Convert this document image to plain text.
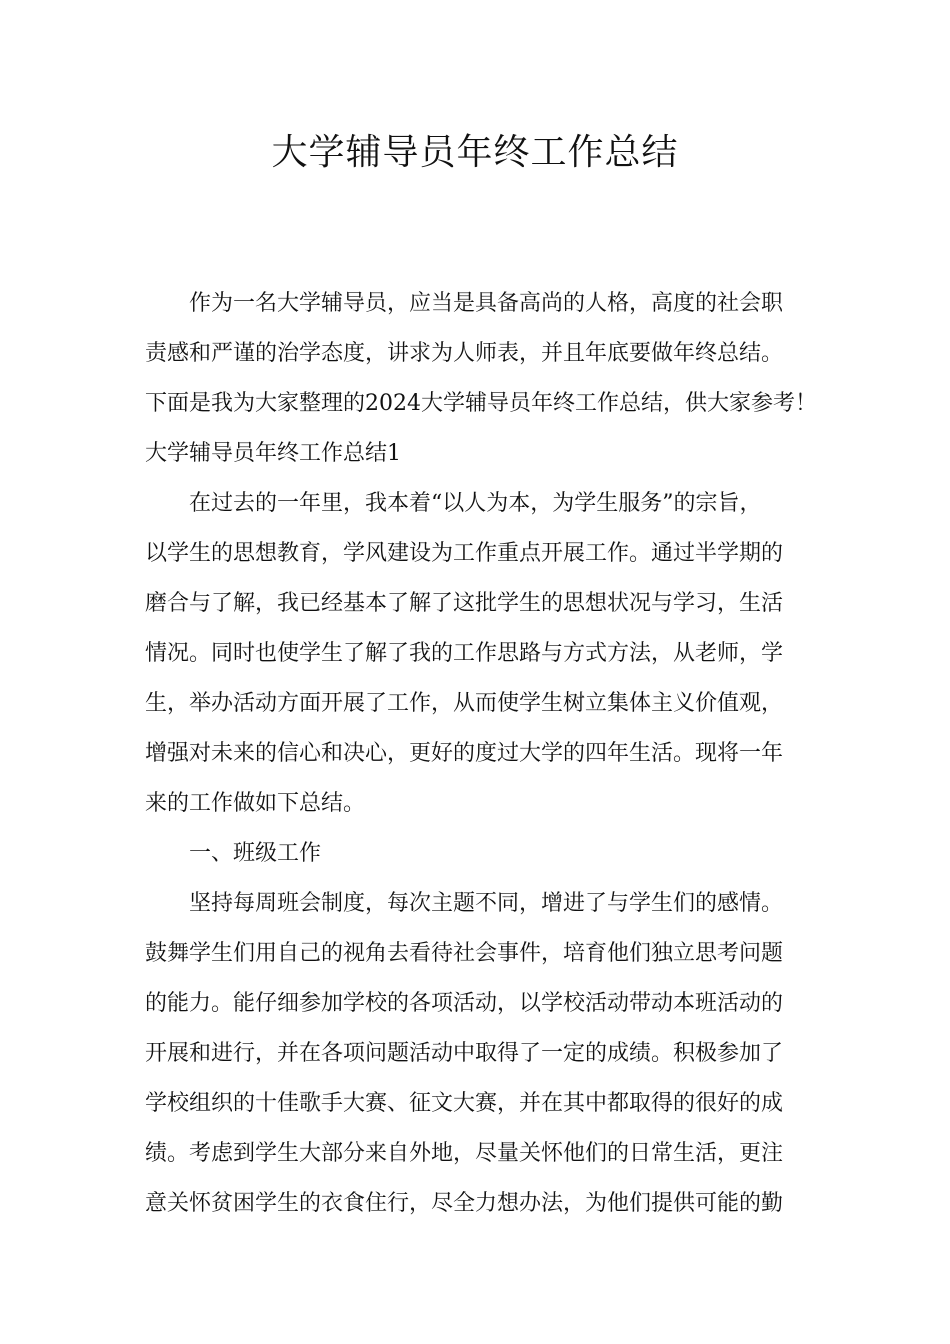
大学辅导员年终工作总结
作为一名大学辅导员，应当是具备高尚的人格，高度的社会职
责感和严谨的治学态度，讲求为人师表，并且年底要做年终总结。
下面是我为大家整理的2024大学辅导员年终工作总结，供大家参考！
大学辅导员年终工作总结1
在过去的一年里，我本着“以人为本，为学生服务”的宗旨，
以学生的思想教育，学风建设为工作重点开展工作。通过半学期的
磨合与了解，我已经基本了解了这批学生的思想状况与学习，生活
情况。同时也使学生了解了我的工作思路与方式方法，从老师，学
生，举办活动方面开展了工作，从而使学生树立集体主义价值观，
增强对未来的信心和决心，更好的度过大学的四年生活。现将一年
来的工作做如下总结。
一、班级工作
坚持每周班会制度，每次主题不同，增进了与学生们的感情。
鼓舞学生们用自己的视角去看待社会事件，培育他们独立思考问题
的能力。能仔细参加学校的各项活动，以学校活动带动本班活动的
开展和进行，并在各项问题活动中取得了一定的成绩。积极参加了
学校组织的十佳歌手大赛、征文大赛，并在其中都取得的很好的成
绩。考虑到学生大部分来自外地，尽量关怀他们的日常生活，更注
意关怀贫困学生的衣食住行，尽全力想办法，为他们提供可能的勤
